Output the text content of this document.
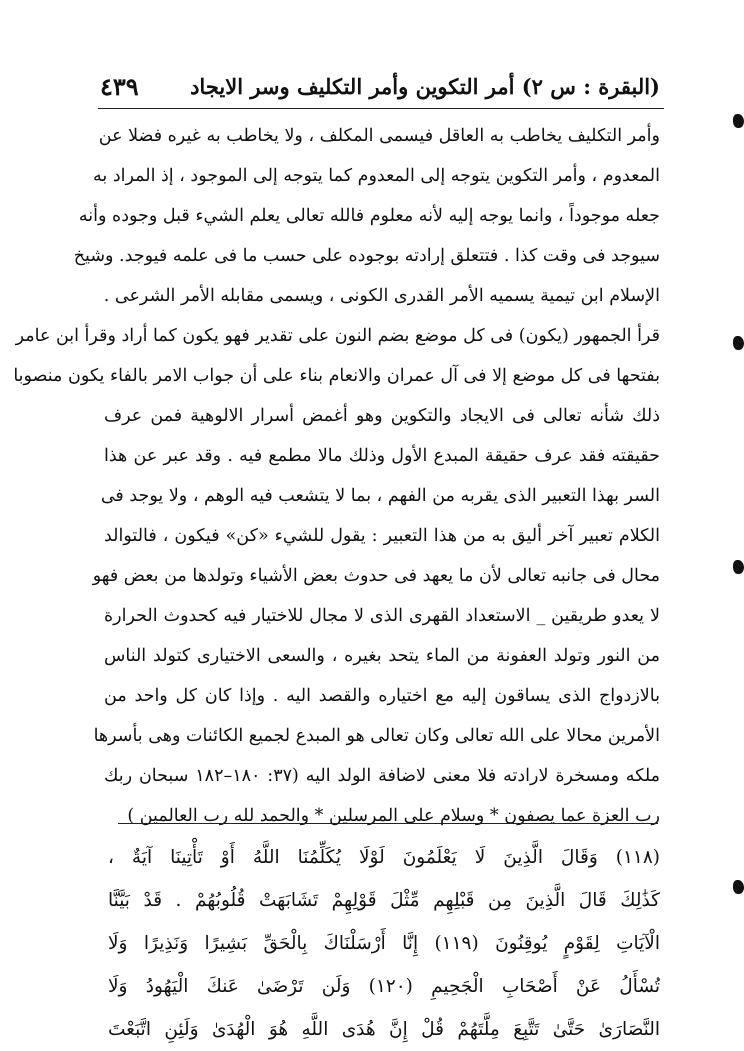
(البقرة : س ٢) أمر التكوين وأمر التكليف وسر الايجاد
٤٣٩
وأمر التكليف يخاطب به العاقل فيسمى المكلف ، ولا يخاطب به غيره فضلا عن
المعدوم ، وأمر التكوين يتوجه إلى المعدوم كما يتوجه إلى الموجود ، إذ المراد به
جعله موجوداً ، وانما يوجه إليه لأنه معلوم فالله تعالى يعلم الشيء قبل وجوده وأنه
سيوجد فى وقت كذا . فتتعلق إرادته بوجوده على حسب ما فى علمه فيوجد. وشيخ
الإسلام ابن تيمية يسميه الأمر القدرى الكونى ، ويسمى مقابله الأمر الشرعى .
قرأ الجمهور (يكون) فى كل موضع بضم النون على تقدير فهو يكون كما أراد وقرأ ابن عامر
بفتحها فى كل موضع إلا فى آل عمران والانعام بناء على أن جواب الامر بالفاء يكون منصوبا
ذلك شأنه تعالى فى الايجاد والتكوين وهو أغمض أسرار الالوهية فمن عرف
حقيقته فقد عرف حقيقة المبدع الأول وذلك مالا مطمع فيه . وقد عبر عن هذا
السر بهذا التعبير الذى يقربه من الفهم ، بما لا يتشعب فيه الوهم ، ولا يوجد فى
الكلام تعبير آخر أليق به من هذا التعبير : يقول للشيء «كن» فيكون ، فالتوالد
محال فى جانبه تعالى لأن ما يعهد فى حدوث بعض الأشياء وتولدها من بعض فهو
لا يعدو طريقين _ الاستعداد القهرى الذى لا مجال للاختيار فيه كحدوث الحرارة
من النور وتولد العفونة من الماء يتحد بغيره ، والسعى الاختيارى كتولد الناس
بالازدواج الذى يساقون إليه مع اختياره والقصد اليه . وإذا كان كل واحد من
الأمرين محالا على الله تعالى وكان تعالى هو المبدع لجميع الكائنات وهى بأسرها
ملكه ومسخرة لارادته فلا معنى لاضافة الولد اليه (٣٧: ١٨٠–١٨٢ سبحان ربك
رب العزة عما يصفون * وسلام على المرسلين * والحمد لله رب العالمين )
(١١٨) وَقَالَ الَّذِينَ لَا يَعْلَمُونَ لَوْلَا يُكَلِّمُنَا اللَّهُ أَوْ تَأْتِينَا آيَةٌ ،
كَذَٰلِكَ قَالَ الَّذِينَ مِن قَبْلِهِم مِّثْلَ قَوْلِهِمْ تَشَابَهَتْ قُلُوبُهُمْ . قَدْ بَيَّنَّا
الْآيَاتِ لِقَوْمٍ يُوقِنُونَ (١١٩) إِنَّا أَرْسَلْنَاكَ بِالْحَقِّ بَشِيرًا وَنَذِيرًا وَلَا
تُسْأَلُ عَنْ أَصْحَابِ الْجَحِيمِ (١٢٠) وَلَن تَرْضَىٰ عَنكَ الْيَهُودُ وَلَا
النَّصَارَىٰ حَتَّىٰ تَتَّبِعَ مِلَّتَهُمْ قُلْ إِنَّ هُدَى اللَّهِ هُوَ الْهُدَىٰ وَلَئِنِ اتَّبَعْتَ
